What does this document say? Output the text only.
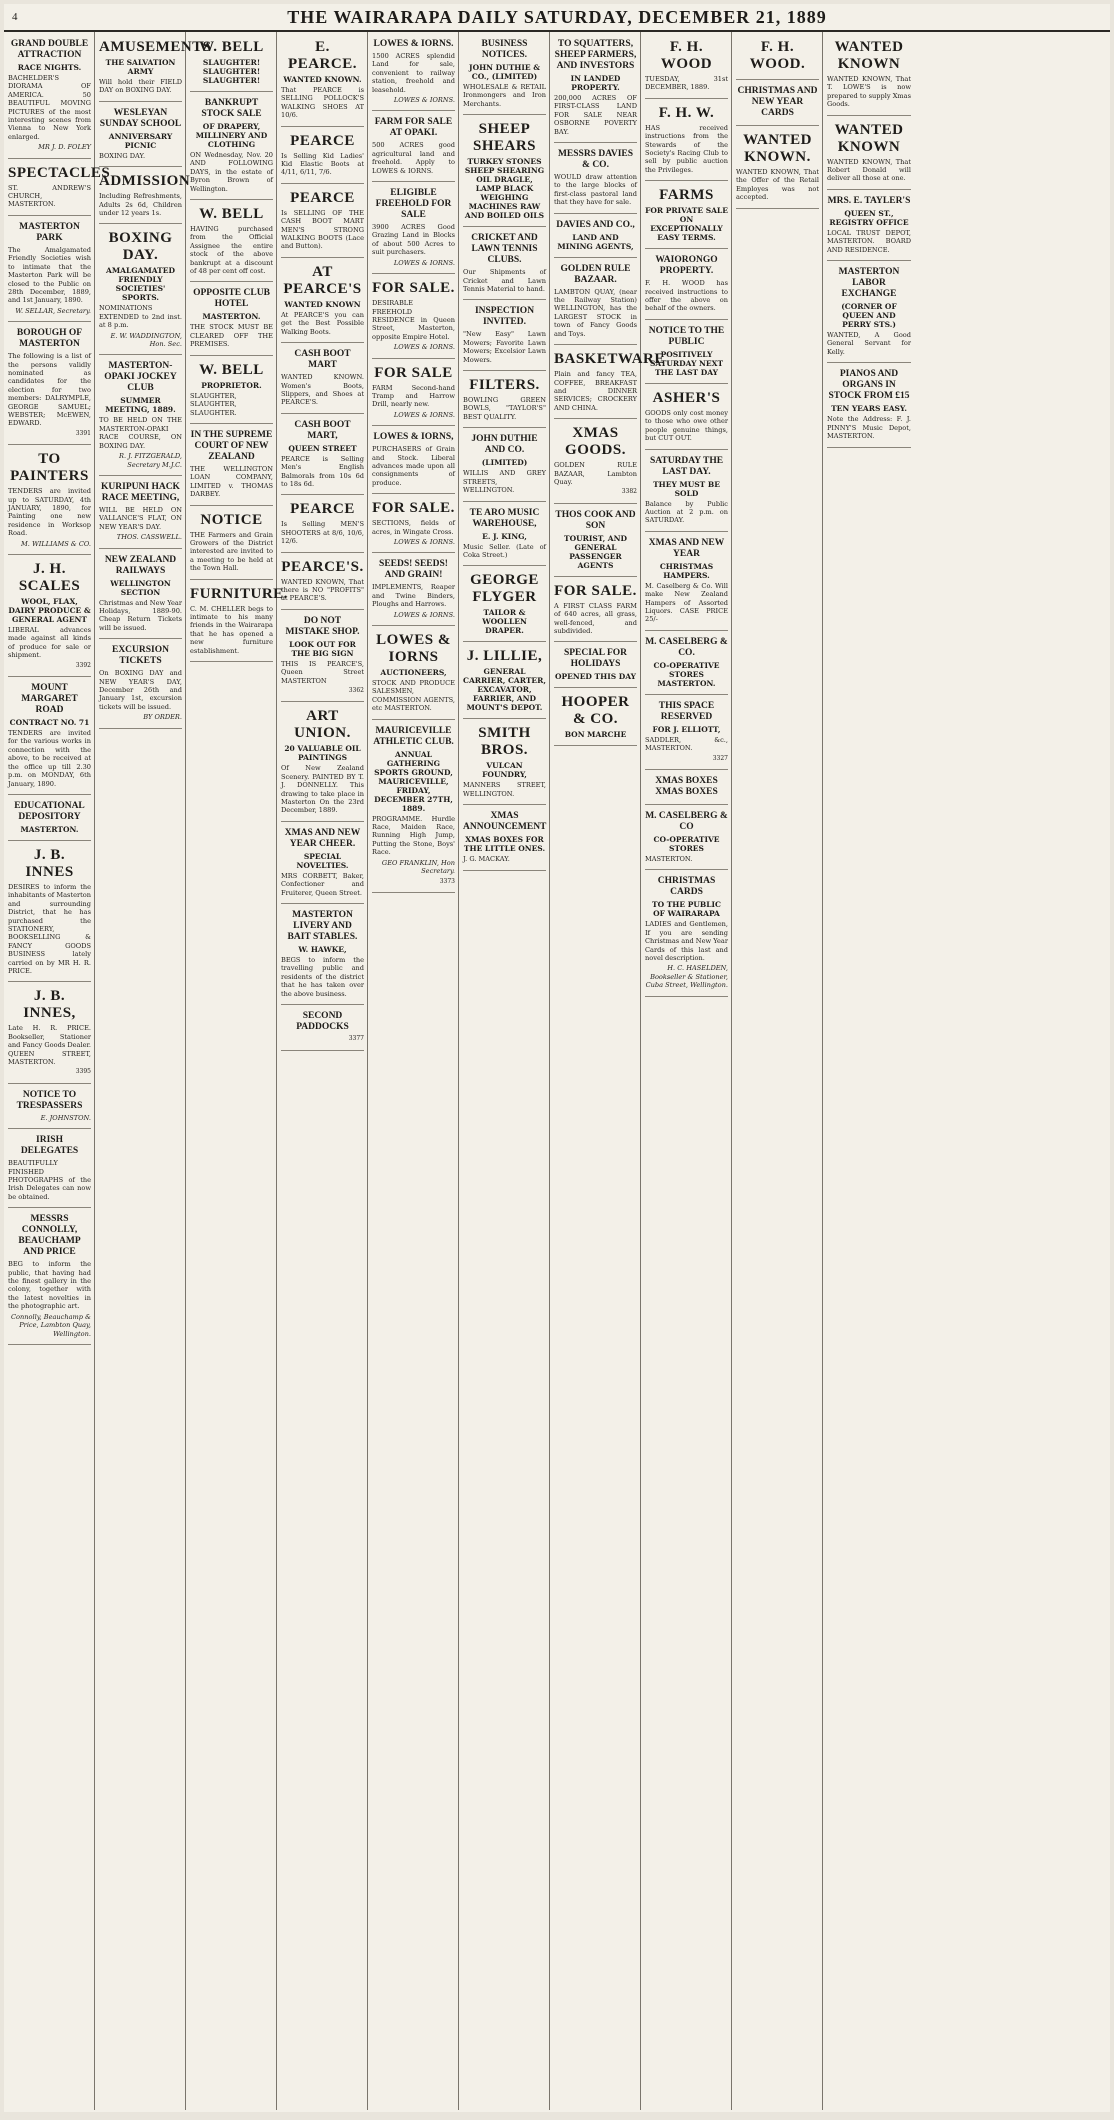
4	THE WAIRARAPA DAILY SATURDAY, DECEMBER 21, 1889
GRAND DOUBLE ATTRACTION
RACE NIGHTS.

BACHELDER'S DIORAMA OF AMERICA. 50 BEAUTIFUL MOVING PICTURES of the most interesting scenes from Vienna to New York enlarged.

MR J. D. FOLEY

SPECTACLES

ST. ANDREW'S CHURCH, MASTERTON.

MASTERTON PARK

The Amalgamated Friendly Societies wish to intimate that the Masterton Park will be closed to the Public on 28th December, 1889, and 1st January, 1890.

W. SELLAR, Secretary.

BOROUGH OF MASTERTON

The following is a list of the persons validly nominated as candidates for the election for two members: DALRYMPLE, GEORGE SAMUEL; WEBSTER; McEWEN, EDWARD.

3391

TO PAINTERS

TENDERS are invited up to SATURDAY, 4th JANUARY, 1890, for Painting one new residence in Worksop Road.

M. WILLIAMS & CO.

J. H. SCALES
WOOL, FLAX, DAIRY PRODUCE & GENERAL AGENT

LIBERAL advances made against all kinds of produce for sale or shipment.

3392

MOUNT MARGARET ROAD
CONTRACT NO. 71

TENDERS are invited for the various works in connection with the above, to be received at the office up till 2.30 p.m. on MONDAY, 6th January, 1890.

EDUCATIONAL DEPOSITORY
MASTERTON.
J. B. INNES

DESIRES to inform the inhabitants of Masterton and surrounding District, that he has purchased the STATIONERY, BOOKSELLING & FANCY GOODS BUSINESS lately carried on by MR H. R. PRICE.

J. B. INNES,

Late H. R. PRICE. Bookseller, Stationer and Fancy Goods Dealer. QUEEN STREET, MASTERTON.

3395

NOTICE TO TRESPASSERS

E. JOHNSTON.

IRISH DELEGATES

BEAUTIFULLY FINISHED PHOTOGRAPHS of the Irish Delegates can now be obtained.

MESSRS CONNOLLY, BEAUCHAMP AND PRICE

BEG to inform the public, that having had the finest gallery in the colony, together with the latest novelties in the photographic art.

Connolly, Beauchamp & Price, Lambton Quay, Wellington.

AMUSEMENTS
THE SALVATION ARMY

Will hold their FIELD DAY on BOXING DAY.

WESLEYAN SUNDAY SCHOOL
ANNIVERSARY PICNIC

BOXING DAY.

ADMISSION

Including Refreshments, Adults 2s 6d, Children under 12 years 1s.

BOXING DAY.
AMALGAMATED FRIENDLY SOCIETIES' SPORTS.

NOMINATIONS EXTENDED to 2nd inst. at 8 p.m.

E. W. WADDINGTON, Hon. Sec.

MASTERTON-OPAKI JOCKEY CLUB
SUMMER MEETING, 1889.

TO BE HELD ON THE MASTERTON-OPAKI RACE COURSE, ON BOXING DAY.

R. J. FITZGERALD, Secretary M.J.C.

KURIPUNI HACK RACE MEETING,

WILL BE HELD ON VALLANCE'S FLAT, ON NEW YEAR'S DAY.

THOS. CASSWELL.

NEW ZEALAND RAILWAYS
WELLINGTON SECTION

Christmas and New Year Holidays, 1889-90. Cheap Return Tickets will be issued.

EXCURSION TICKETS

On BOXING DAY and NEW YEAR'S DAY, December 26th and January 1st, excursion tickets will be issued.

BY ORDER.

W. BELL
SLAUGHTER! SLAUGHTER! SLAUGHTER!
BANKRUPT STOCK SALE
OF DRAPERY, MILLINERY AND CLOTHING

ON Wednesday, Nov. 20 AND FOLLOWING DAYS, in the estate of Byron Brown of Wellington.

W. BELL

HAVING purchased from the Official Assignee the entire stock of the above bankrupt at a discount of 48 per cent off cost.

OPPOSITE CLUB HOTEL
MASTERTON.

THE STOCK MUST BE CLEARED OFF THE PREMISES.

W. BELL
PROPRIETOR.

SLAUGHTER, SLAUGHTER, SLAUGHTER.

IN THE SUPREME COURT OF NEW ZEALAND

THE WELLINGTON LOAN COMPANY, LIMITED v. THOMAS DARBEY.

NOTICE

THE Farmers and Grain Growers of the District interested are invited to a meeting to be held at the Town Hall.

FURNITURE.

C. M. CHELLER begs to intimate to his many friends in the Wairarapa that he has opened a new furniture establishment.

E. PEARCE.
WANTED KNOWN.

That PEARCE is SELLING POLLOCK'S WALKING SHOES AT 10/6.

PEARCE

Is Selling Kid Ladies' Kid Elastic Boots at 4/11, 6/11, 7/6.

PEARCE

Is SELLING OF THE CASH BOOT MART MEN'S STRONG WALKING BOOTS (Lace and Button).

AT PEARCE'S
WANTED KNOWN

At PEARCE'S you can get the Best Possible Walking Boots.

CASH BOOT MART

WANTED KNOWN. Women's Boots, Slippers, and Shoes at PEARCE'S.

CASH BOOT MART,
QUEEN STREET

PEARCE is Selling Men's English Balmorals from 10s 6d to 18s 6d.

PEARCE

Is Selling MEN'S SHOOTERS at 8/6, 10/6, 12/6.

PEARCE'S.

WANTED KNOWN, That there is NO "PROFITS" at PEARCE'S.

DO NOT MISTAKE SHOP.
LOOK OUT FOR THE BIG SIGN

THIS IS PEARCE'S, Queen Street MASTERTON

3362

ART UNION.
20 VALUABLE OIL PAINTINGS

Of New Zealand Scenery. PAINTED BY T. J. DONNELLY. This drawing to take place in Masterton On the 23rd December, 1889.

XMAS AND NEW YEAR CHEER.
SPECIAL NOVELTIES.

MRS CORBETT, Baker, Confectioner and Fruiterer, Queen Street.

MASTERTON LIVERY AND BAIT STABLES.
W. HAWKE,

BEGS to inform the travelling public and residents of the district that he has taken over the above business.

SECOND PADDOCKS

3377

LOWES & IORNS.

1500 ACRES splendid Land for sale, convenient to railway station, freehold and leasehold.

LOWES & IORNS.

FARM FOR SALE AT OPAKI.

500 ACRES good agricultural land and freehold. Apply to LOWES & IORNS.

ELIGIBLE FREEHOLD FOR SALE

3900 ACRES Good Grazing Land in Blocks of about 500 Acres to suit purchasers.

LOWES & IORNS.

FOR SALE.

DESIRABLE FREEHOLD RESIDENCE in Queen Street, Masterton, opposite Empire Hotel.

LOWES & IORNS.

FOR SALE

FARM Second-hand Tramp and Harrow Drill, nearly new.

LOWES & IORNS.

LOWES & IORNS,

PURCHASERS of Grain and Stock. Liberal advances made upon all consignments of produce.

FOR SALE.

SECTIONS, fields of acres, in Wingate Cross.

LOWES & IORNS.

SEEDS! SEEDS! AND GRAIN!

IMPLEMENTS, Reaper and Twine Binders, Ploughs and Harrows.

LOWES & IORNS.

LOWES & IORNS
AUCTIONEERS,

STOCK AND PRODUCE SALESMEN, COMMISSION AGENTS, etc MASTERTON.

MAURICEVILLE ATHLETIC CLUB.
ANNUAL GATHERING SPORTS GROUND, MAURICEVILLE, FRIDAY, DECEMBER 27TH, 1889.

PROGRAMME. Hurdle Race, Maiden Race, Running High Jump, Putting the Stone, Boys' Race.

GEO FRANKLIN, Hon Secretary.

3373

BUSINESS NOTICES.
JOHN DUTHIE & CO., (LIMITED)

WHOLESALE & RETAIL Ironmongers and Iron Merchants.

SHEEP SHEARS
TURKEY STONES SHEEP SHEARING OIL DRAGLE, LAMP BLACK WEIGHING MACHINES RAW AND BOILED OILS
CRICKET AND LAWN TENNIS CLUBS.

Our Shipments of Cricket and Lawn Tennis Material to hand.

INSPECTION INVITED.

"New Easy" Lawn Mowers; Favorite Lawn Mowers; Excelsior Lawn Mowers.

FILTERS.

BOWLING GREEN BOWLS, "TAYLOR'S" BEST QUALITY.

JOHN DUTHIE AND CO.
(LIMITED)

WILLIS AND GREY STREETS, WELLINGTON.

TE ARO MUSIC WAREHOUSE,
E. J. KING,

Music Seller. (Late of Coka Street.)

GEORGE FLYGER
TAILOR & WOOLLEN DRAPER.
J. LILLIE,
GENERAL CARRIER, CARTER, EXCAVATOR, FARRIER, AND MOUNT'S DEPOT.
SMITH BROS.
VULCAN FOUNDRY,

MANNERS STREET, WELLINGTON.

XMAS ANNOUNCEMENT
XMAS BOXES FOR THE LITTLE ONES.

J. G. MACKAY.

TO SQUATTERS, SHEEP FARMERS, AND INVESTORS
IN LANDED PROPERTY.

200,000 ACRES OF FIRST-CLASS LAND FOR SALE NEAR OSBORNE POVERTY BAY.

MESSRS DAVIES & CO.

WOULD draw attention to the large blocks of first-class pastoral land that they have for sale.

DAVIES AND CO.,
LAND AND MINING AGENTS,
GOLDEN RULE BAZAAR.

LAMBTON QUAY, (near the Railway Station) WELLINGTON, has the LARGEST STOCK in town of Fancy Goods and Toys.

BASKETWARE

Plain and fancy TEA, COFFEE, BREAKFAST and DINNER SERVICES; CROCKERY AND CHINA.

XMAS GOODS.

GOLDEN RULE BAZAAR, Lambton Quay.

3382

THOS COOK AND SON
TOURIST, AND GENERAL PASSENGER AGENTS
FOR SALE.

A FIRST CLASS FARM of 640 acres, all grass, well-fenced, and subdivided.

SPECIAL FOR HOLIDAYS
OPENED THIS DAY
HOOPER & CO.
BON MARCHE
F. H. WOOD

TUESDAY, 31st DECEMBER, 1889.

F. H. W.

HAS received instructions from the Stewards of the Society's Racing Club to sell by public auction the Privileges.

FARMS
FOR PRIVATE SALE ON EXCEPTIONALLY EASY TERMS.
WAIORONGO PROPERTY.

F. H. WOOD has received instructions to offer the above on behalf of the owners.

NOTICE TO THE PUBLIC
POSITIVELY SATURDAY NEXT THE LAST DAY
ASHER'S

GOODS only cost money to those who owe other people genuine things, but CUT OUT.

SATURDAY THE LAST DAY.
THEY MUST BE SOLD

Balance by Public Auction at 2 p.m. on SATURDAY.

XMAS AND NEW YEAR
CHRISTMAS HAMPERS.

M. Caselberg & Co. Will make New Zealand Hampers of Assorted Liquors. CASE PRICE 25/-

M. CASELBERG & CO.
CO-OPERATIVE STORES MASTERTON.
THIS SPACE RESERVED
FOR J. ELLIOTT,

SADDLER, &c., MASTERTON.

3327

XMAS BOXES XMAS BOXES
M. CASELBERG & CO
CO-OPERATIVE STORES

MASTERTON.

CHRISTMAS CARDS
TO THE PUBLIC OF WAIRARAPA

LADIES and Gentlemen, If you are sending Christmas and New Year Cards of this last and novel description.

H. C. HASELDEN, Bookseller & Stationer, Cuba Street, Wellington.

F. H. WOOD.
CHRISTMAS AND NEW YEAR CARDS
WANTED KNOWN.

WANTED KNOWN, That the Offer of the Retail Employes was not accepted.

WANTED KNOWN

WANTED KNOWN, That T. LOWE'S is now prepared to supply Xmas Goods.

WANTED KNOWN

WANTED KNOWN, That Robert Donald will deliver all those at one.

MRS. E. TAYLER'S
QUEEN ST., REGISTRY OFFICE

LOCAL TRUST DEPOT, MASTERTON. BOARD AND RESIDENCE.

MASTERTON LABOR EXCHANGE
(CORNER OF QUEEN AND PERRY STS.)

WANTED, A Good General Servant for Kelly.

PIANOS AND ORGANS IN STOCK FROM £15
TEN YEARS EASY.

Note the Address: F. J. PINNY'S Music Depot, MASTERTON.
